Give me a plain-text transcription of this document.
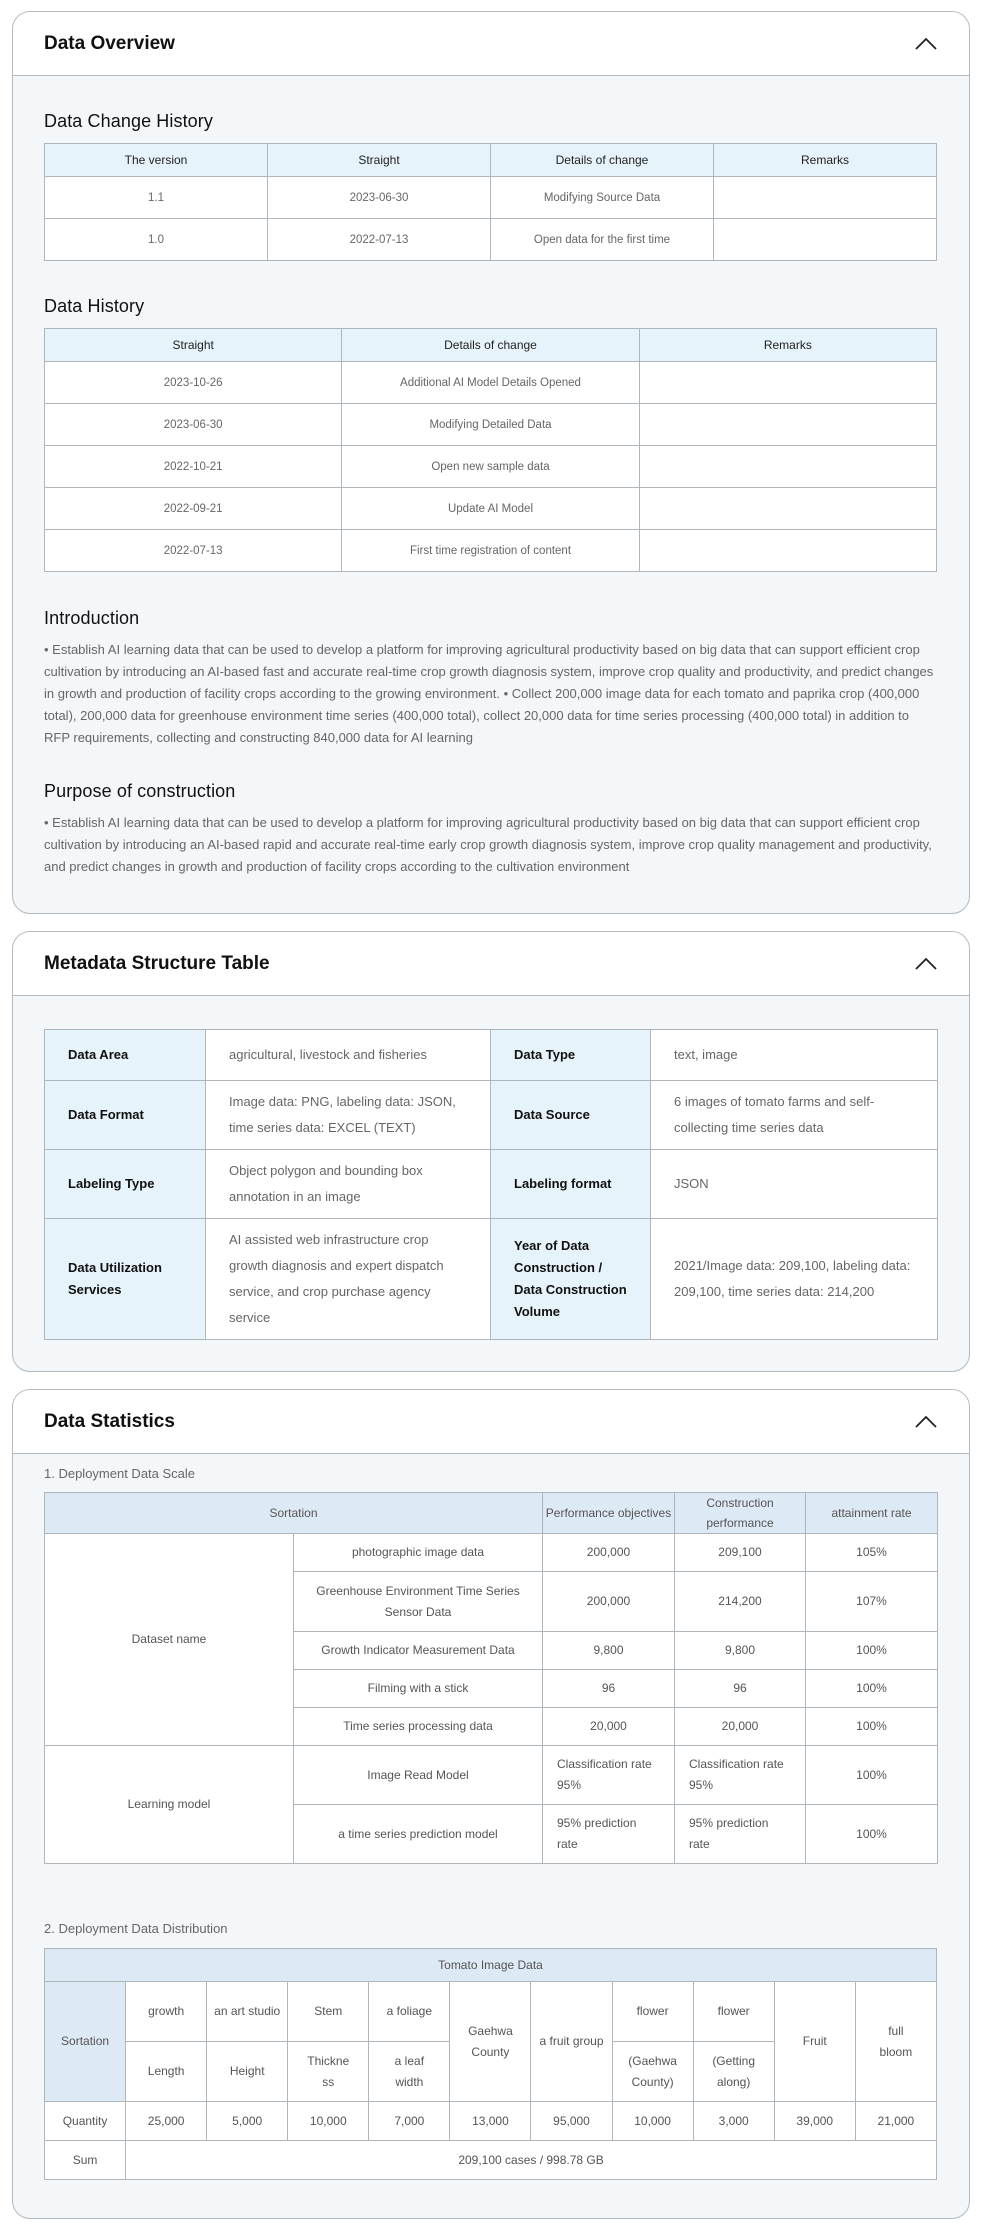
Data Overview
Data Change History
The version	Straight	Details of change	Remarks
1.1	2023-06-30	Modifying Source Data	
1.0	2022-07-13	Open data for the first time	
Data History
Straight	Details of change	Remarks
2023-10-26	Additional AI Model Details Opened	
2023-06-30	Modifying Detailed Data	
2022-10-21	Open new sample data	
2022-09-21	Update AI Model	
2022-07-13	First time registration of content	
Introduction

• Establish AI learning data that can be used to develop a platform for improving agricultural productivity based on big data that can support efficient crop cultivation by introducing an AI-based fast and accurate real-time crop growth diagnosis system, improve crop quality and productivity, and predict changes in growth and production of facility crops according to the growing environment. • Collect 200,000 image data for each tomato and paprika crop (400,000 total), 200,000 data for greenhouse environment time series (400,000 total), collect 20,000 data for time series processing (400,000 total) in addition to RFP requirements, collecting and constructing 840,000 data for AI learning

Purpose of construction

• Establish AI learning data that can be used to develop a platform for improving agricultural productivity based on big data that can support efficient crop cultivation by introducing an AI-based rapid and accurate real-time early crop growth diagnosis system, improve crop quality management and productivity, and predict changes in growth and production of facility crops according to the cultivation environment

Metadata Structure Table
Data Area	agricultural, livestock and fisheries	Data Type	text, image
Data Format	Image data: PNG, labeling data: JSON, time series data: EXCEL (TEXT)	Data Source	6 images of tomato farms and self-collecting time series data
Labeling Type	Object polygon and bounding box annotation in an image	Labeling format	JSON
Data Utilization Services	AI assisted web infrastructure crop growth diagnosis and expert dispatch service, and crop purchase agency service	Year of Data Construction / Data Construction Volume	2021/Image data: 209,100, labeling data: 209,100, time series data: 214,200
Data Statistics
1. Deployment Data Scale
Sortation		Performance objectives	Construction performance	attainment rate
Dataset name	photographic image data	200,000	209,100	105%
	Greenhouse Environment Time Series Sensor Data	200,000	214,200	107%
	Growth Indicator Measurement Data	9,800	9,800	100%
	Filming with a stick	96	96	100%
	Time series processing data	20,000	20,000	100%
Learning model	Image Read Model	Classification rate 95%	Classification rate 95%	100%
	a time series prediction model	95% prediction rate	95% prediction rate	100%
2. Deployment Data Distribution
Tomato Image Data										
Sortation	growth	an art studio	Stem	a foliage	Gaehwa County	a fruit group	flower	flower	Fruit	full bloom
	Length	Height	Thickne ss	a leaf width			(Gaehwa County)	(Getting along)		
Quantity	25,000	5,000	10,000	7,000	13,000	95,000	10,000	3,000	39,000	21,000
Sum	209,100 cases / 998.78 GB									
